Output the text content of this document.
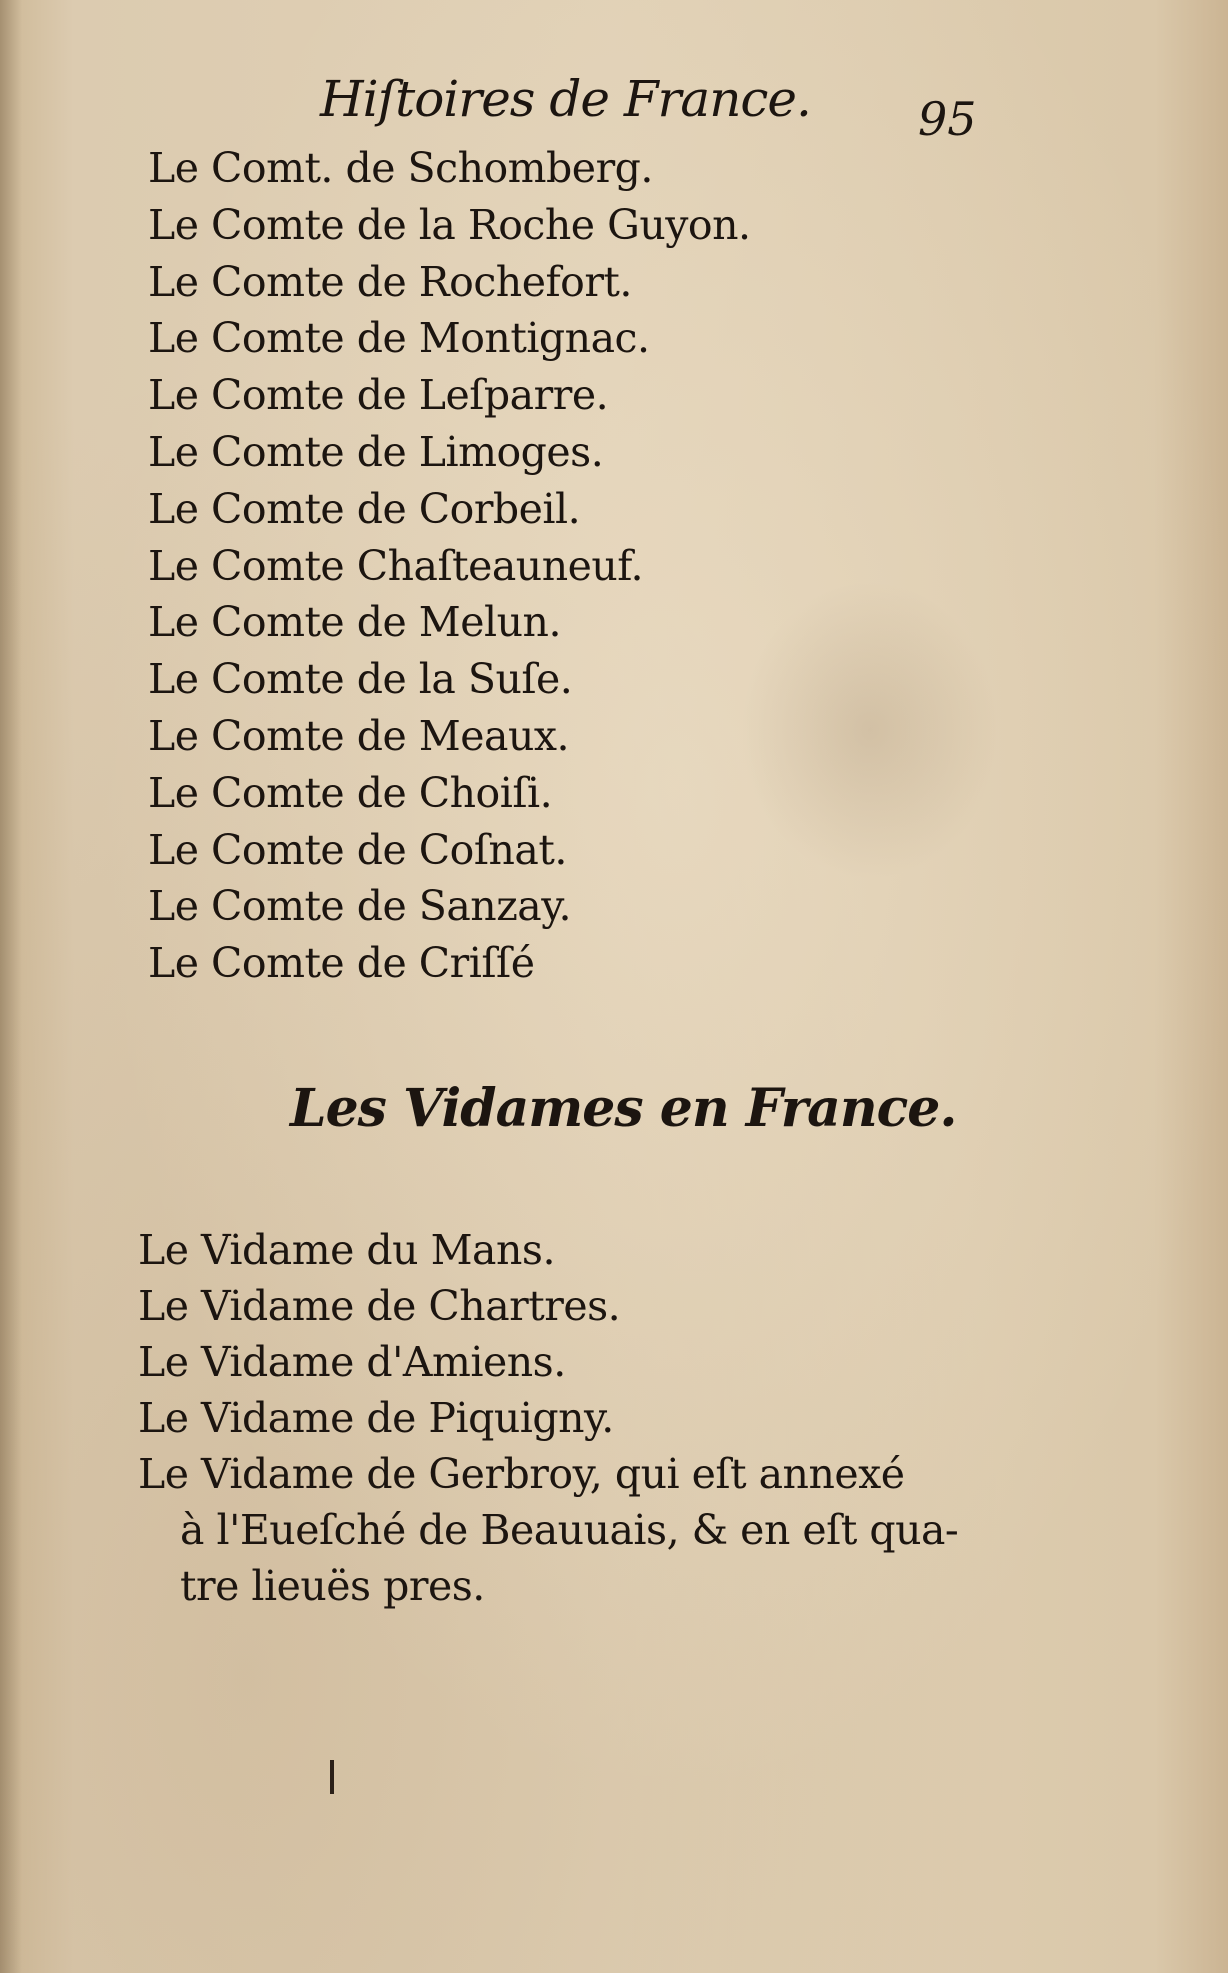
Hiſtoires de France. 95
Le Comt. de Schomberg.
Le Comte de la Roche Guyon.
Le Comte de Rochefort.
Le Comte de Montignac.
Le Comte de Leſparre.
Le Comte de Limoges.
Le Comte de Corbeil.
Le Comte Chaſteauneuf.
Le Comte de Melun.
Le Comte de la Suſe.
Le Comte de Meaux.
Le Comte de Choiſi.
Le Comte de Coſnat.
Le Comte de Sanzay.
Le Comte de Criſſé
Les Vidames en France.
Le Vidame du Mans.
Le Vidame de Chartres.
Le Vidame d'Amiens.
Le Vidame de Piquigny.
Le Vidame de Gerbroy, qui eſt annexé
à l'Eueſché de Beauuais, & en eſt qua-
tre lieuës pres.
